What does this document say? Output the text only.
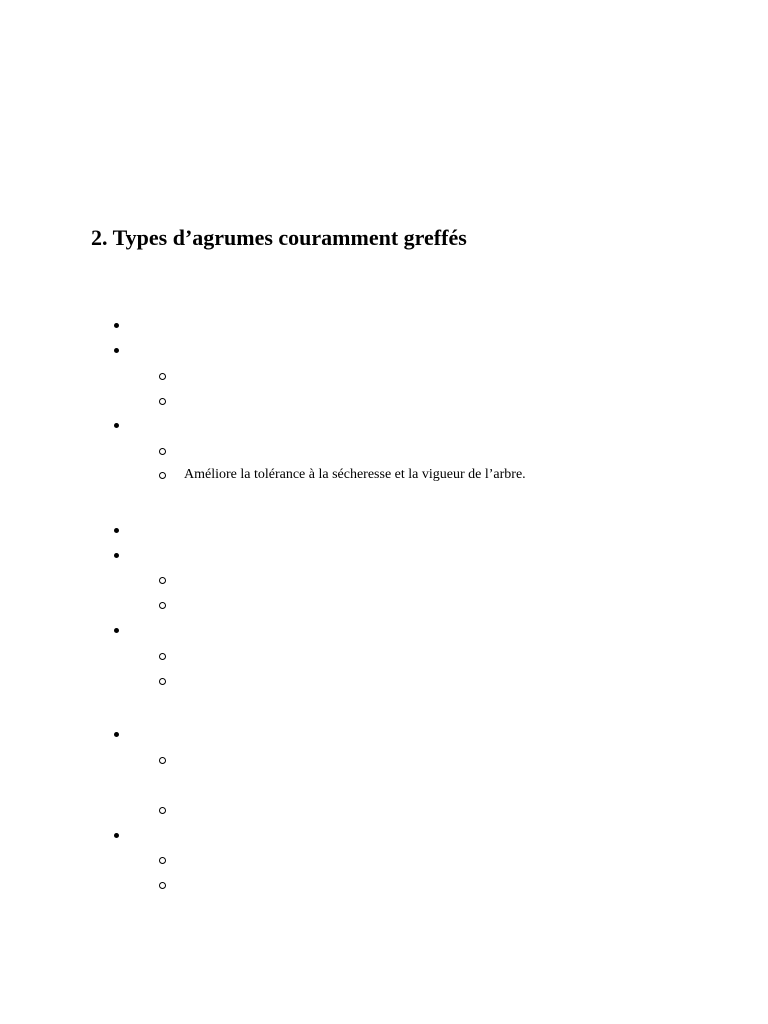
2. Types d’agrumes couramment greffés
Améliore la tolérance à la sécheresse et la vigueur de l’arbre.
